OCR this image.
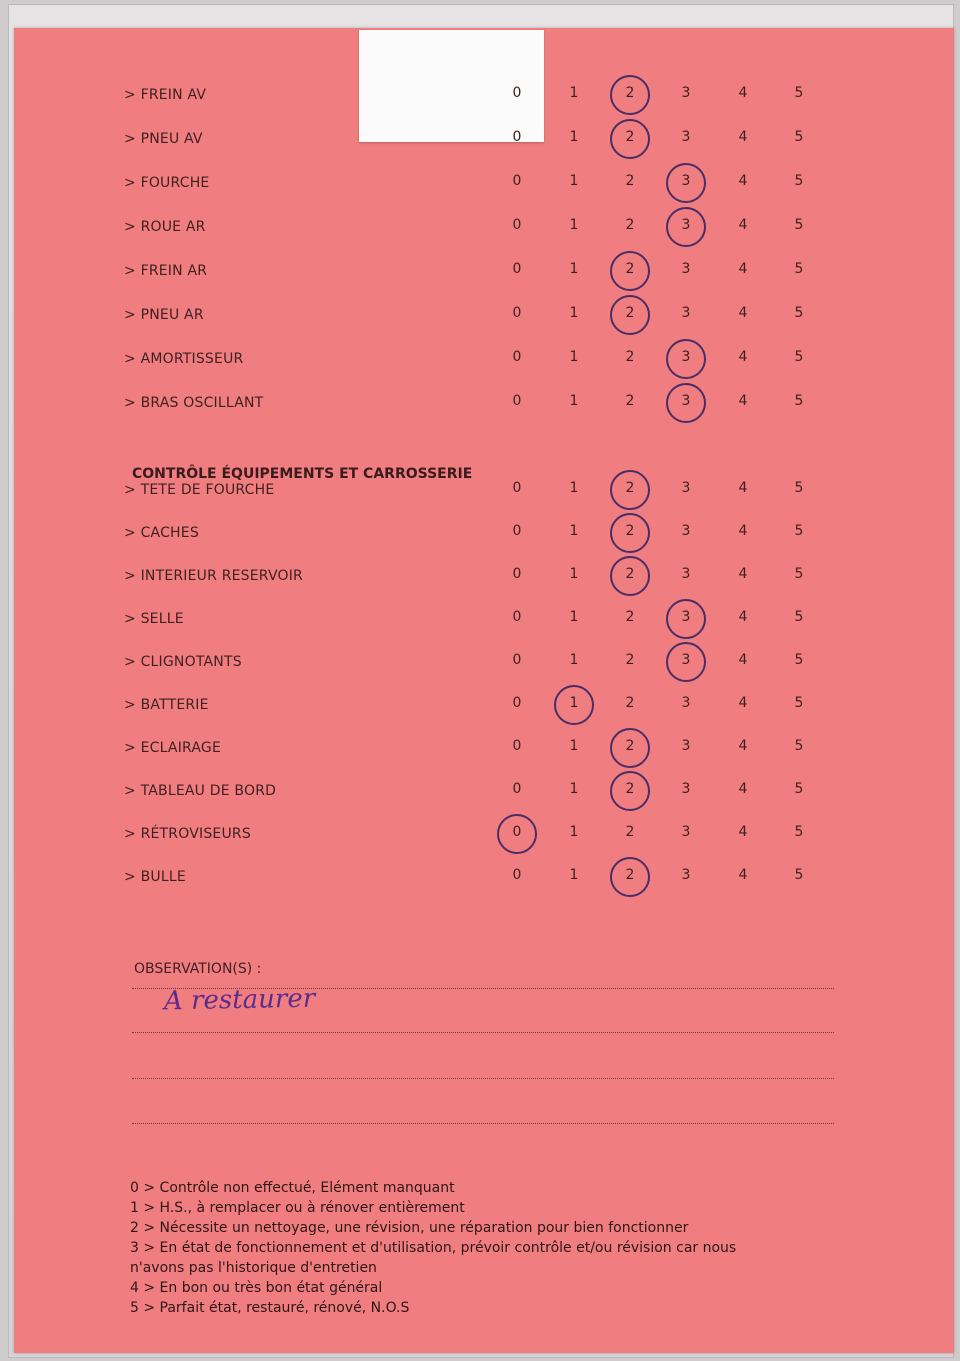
> FREIN AV	0	1	2	3	4	5
> PNEU AV	0	1	2	3	4	5
> FOURCHE	0	1	2	3	4	5
> ROUE AR	0	1	2	3	4	5
> FREIN AR	0	1	2	3	4	5
> PNEU AR	0	1	2	3	4	5
> AMORTISSEUR	0	1	2	3	4	5
> BRAS OSCILLANT	0	1	2	3	4	5
CONTRÔLE ÉQUIPEMENTS ET CARROSSERIE
> TETE DE FOURCHE	0	1	2	3	4	5
> CACHES	0	1	2	3	4	5
> INTERIEUR RESERVOIR	0	1	2	3	4	5
> SELLE	0	1	2	3	4	5
> CLIGNOTANTS	0	1	2	3	4	5
> BATTERIE	0	1	2	3	4	5
> ECLAIRAGE	0	1	2	3	4	5
> TABLEAU DE BORD	0	1	2	3	4	5
> RÉTROVISEURS	0	1	2	3	4	5
> BULLE	0	1	2	3	4	5
OBSERVATION(S) :
A restaurer
0 > Contrôle non effectué, Elément manquant
1 > H.S., à remplacer ou à rénover entièrement
2 > Nécessite un nettoyage, une révision, une réparation pour bien fonctionner
3 > En état de fonctionnement et d'utilisation, prévoir contrôle et/ou révision car nous
n'avons pas l'historique d'entretien
4 > En bon ou très bon état général
5 > Parfait état, restauré, rénové, N.O.S
